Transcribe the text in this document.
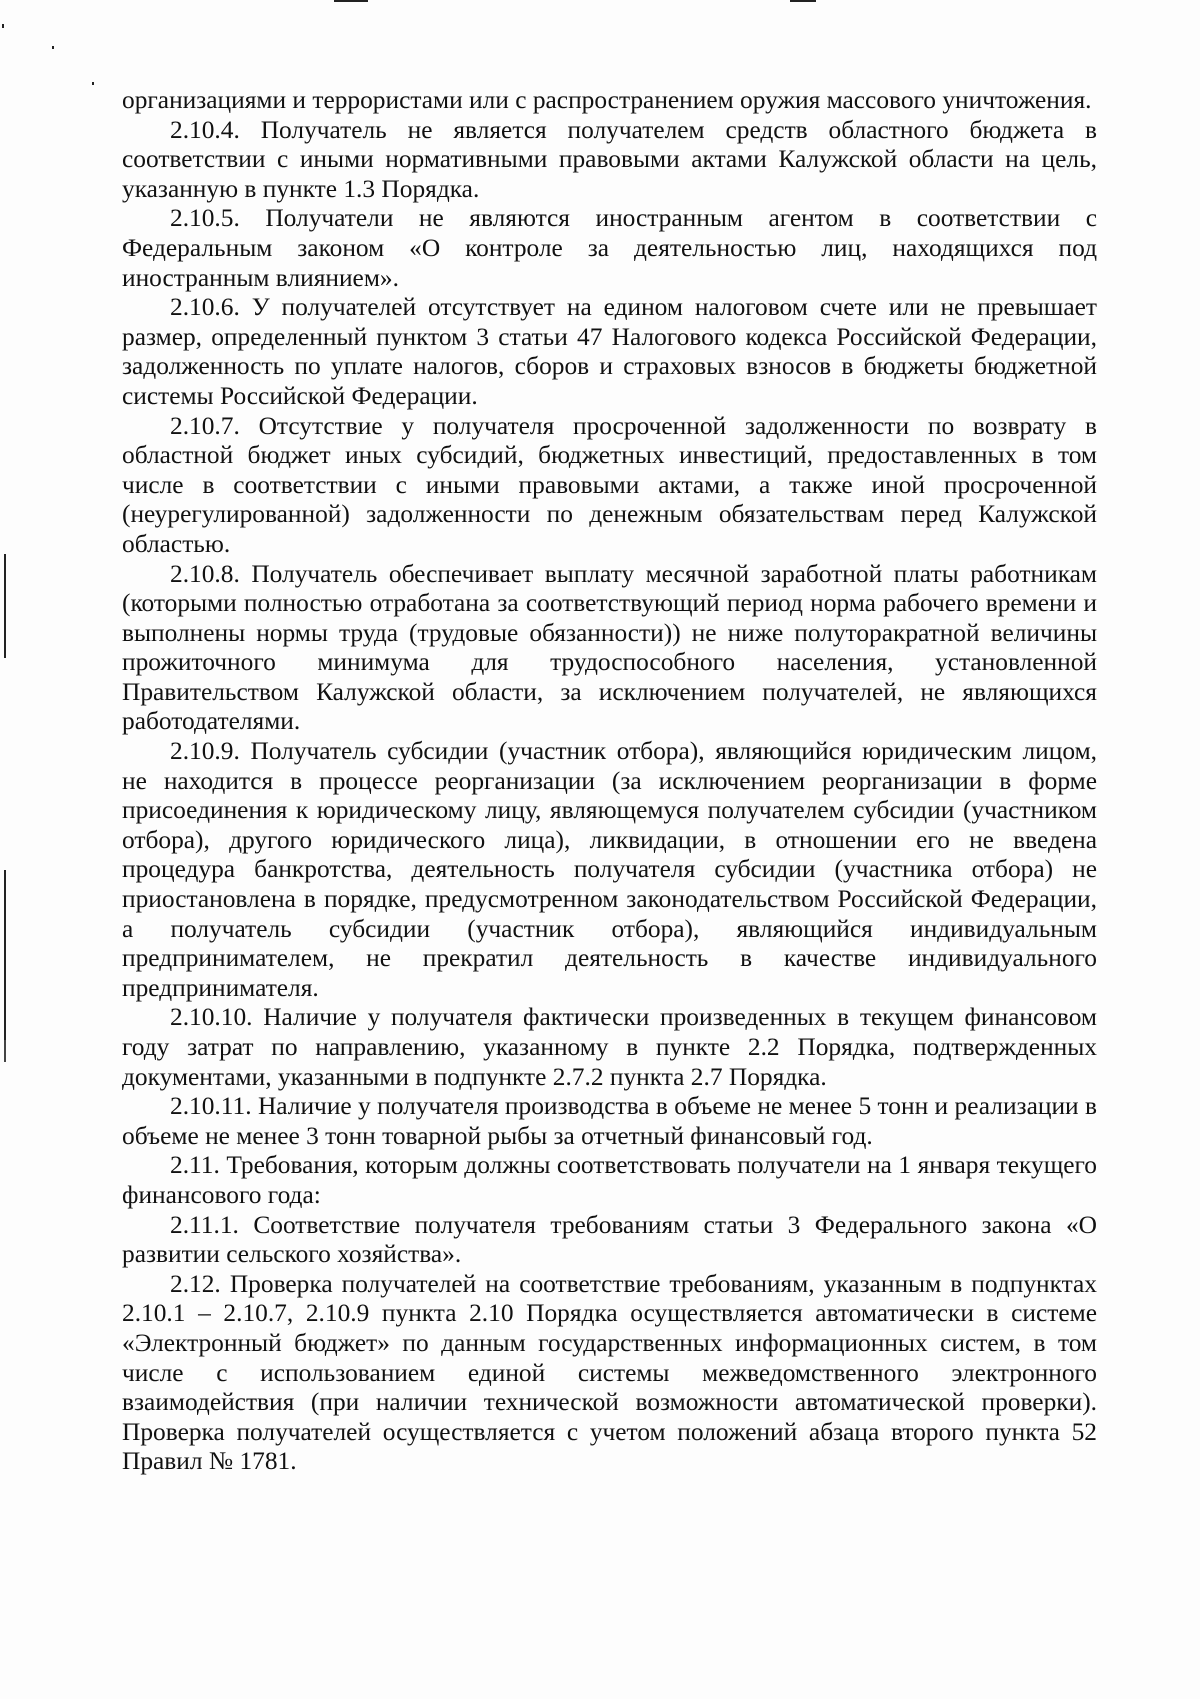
организациями и террористами или с распространением оружия массового уничтожения.

2.10.4. Получатель не является получателем средств областного бюджета в соответствии с иными нормативными правовыми актами Калужской области на цель, указанную в пункте 1.3 Порядка.

2.10.5. Получатели не являются иностранным агентом в соответствии с Федеральным законом «О контроле за деятельностью лиц, находящихся под иностранным влиянием».

2.10.6. У получателей отсутствует на едином налоговом счете или не превышает размер, определенный пунктом 3 статьи 47 Налогового кодекса Российской Федерации, задолженность по уплате налогов, сборов и страховых взносов в бюджеты бюджетной системы Российской Федерации.

2.10.7. Отсутствие у получателя просроченной задолженности по возврату в областной бюджет иных субсидий, бюджетных инвестиций, предоставленных в том числе в соответствии с иными правовыми актами, а также иной просроченной (неурегулированной) задолженности по денежным обязательствам перед Калужской областью.

2.10.8. Получатель обеспечивает выплату месячной заработной платы работникам (которыми полностью отработана за соответствующий период норма рабочего времени и выполнены нормы труда (трудовые обязанности)) не ниже полуторакратной величины прожиточного минимума для трудоспособного населения, установленной Правительством Калужской области, за исключением получателей, не являющихся работодателями.

2.10.9. Получатель субсидии (участник отбора), являющийся юридическим лицом, не находится в процессе реорганизации (за исключением реорганизации в форме присоединения к юридическому лицу, являющемуся получателем субсидии (участником отбора), другого юридического лица), ликвидации, в отношении его не введена процедура банкротства, деятельность получателя субсидии (участника отбора) не приостановлена в порядке, предусмотренном законодательством Российской Федерации, а получатель субсидии (участник отбора), являющийся индивидуальным предпринимателем, не прекратил деятельность в качестве индивидуального предпринимателя.

2.10.10. Наличие у получателя фактически произведенных в текущем финансовом году затрат по направлению, указанному в пункте 2.2 Порядка, подтвержденных документами, указанными в подпункте 2.7.2 пункта 2.7 Порядка.

2.10.11. Наличие у получателя производства в объеме не менее 5 тонн и реализации в объеме не менее 3 тонн товарной рыбы за отчетный финансовый год.

2.11. Требования, которым должны соответствовать получатели на 1 января текущего финансового года:

2.11.1. Соответствие получателя требованиям статьи 3 Федерального закона «О развитии сельского хозяйства».

2.12. Проверка получателей на соответствие требованиям, указанным в подпунктах 2.10.1 – 2.10.7, 2.10.9 пункта 2.10 Порядка осуществляется автоматически в системе «Электронный бюджет» по данным государственных информационных систем, в том числе с использованием единой системы межведомственного электронного взаимодействия (при наличии технической возможности автоматической проверки). Проверка получателей осуществляется с учетом положений абзаца второго пункта 52 Правил № 1781.
